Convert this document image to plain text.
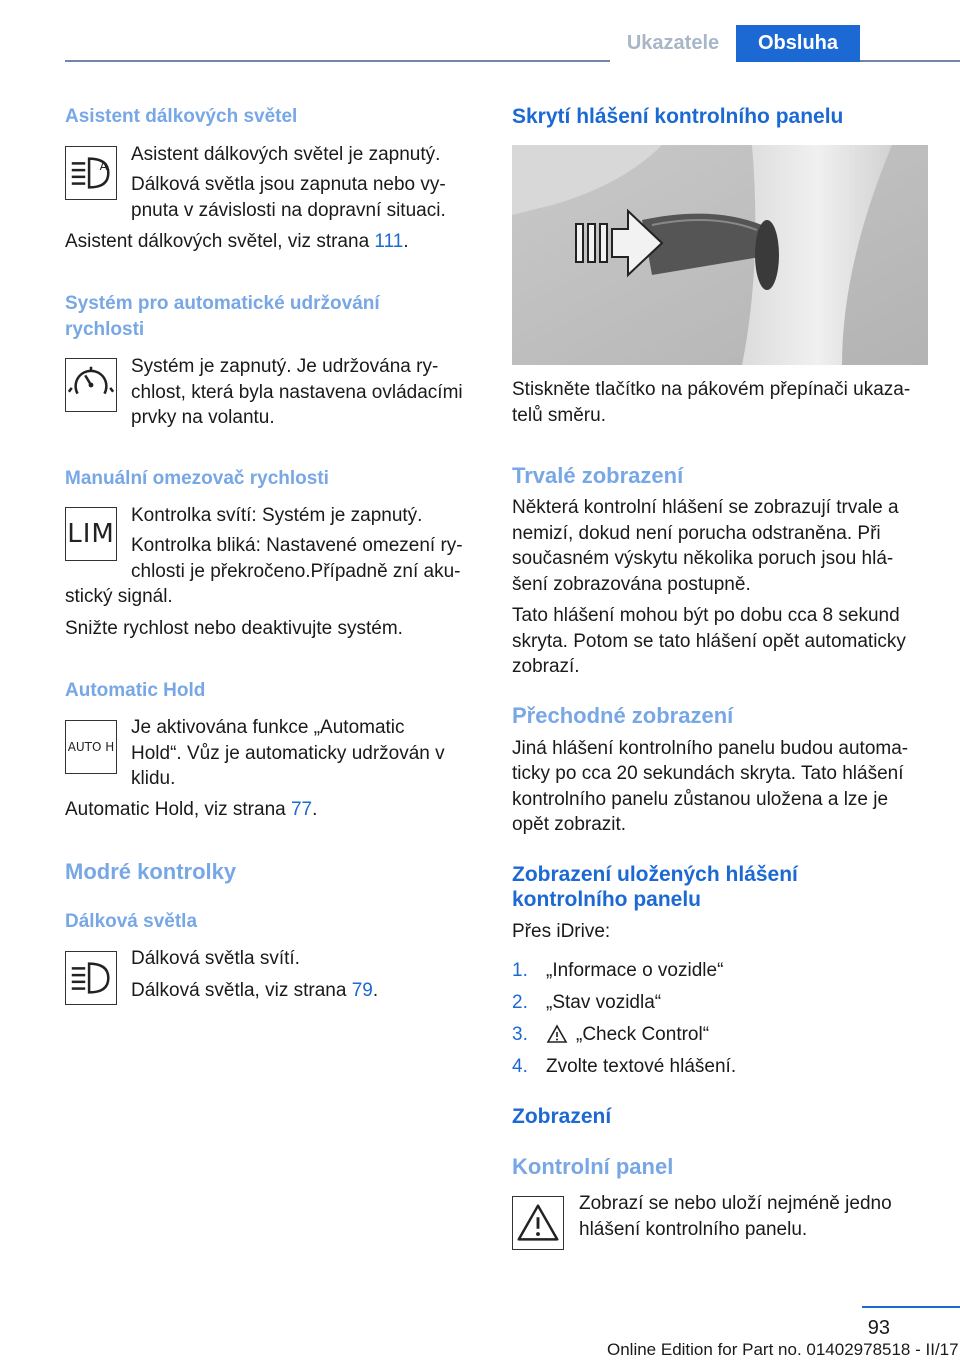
Ukazatele	Obsluha
Asistent dálkových světel
A
Asistent dálkových světel je zapnutý.
Dálková světla jsou zapnuta nebo vy‐
pnuta v závislosti na dopravní situaci.
Asistent dálkových světel, viz strana 111.
Systém pro automatické udržování
rychlosti
Systém je zapnutý. Je udržována ry‐
chlost, která byla nastavena ovládacími
prvky na volantu.
Manuální omezovač rychlosti
LIM
Kontrolka svítí: Systém je zapnutý.
Kontrolka bliká: Nastavené omezení ry‐
chlosti je překročeno.Případně zní aku‐
stický signál.
Snižte rychlost nebo deaktivujte systém.
Automatic Hold
AUTO H
Je aktivována funkce „Automatic
Hold“. Vůz je automaticky udržován v
klidu.
Automatic Hold, viz strana 77.
Modré kontrolky
Dálková světla
Dálková světla svítí.
Dálková světla, viz strana 79.
Skrytí hlášení kontrolního panelu
Stiskněte tlačítko na pákovém přepínači ukaza‐
telů směru.
Trvalé zobrazení
Některá kontrolní hlášení se zobrazují trvale a
nemizí, dokud není porucha odstraněna. Při
současném výskytu několika poruch jsou hlá‐
šení zobrazována postupně.
Tato hlášení mohou být po dobu cca 8 sekund
skryta. Potom se tato hlášení opět automaticky
zobrazí.
Přechodné zobrazení
Jiná hlášení kontrolního panelu budou automa‐
ticky po cca 20 sekundách skryta. Tato hlášení
kontrolního panelu zůstanou uložena a lze je
opět zobrazit.
Zobrazení uložených hlášení
kontrolního panelu
Přes iDrive:
1. „Informace o vozidle“
2. „Stav vozidla“
3.	„Check Control“
4. Zvolte textové hlášení.
Zobrazení
Kontrolní panel
Zobrazí se nebo uloží nejméně jedno
hlášení kontrolního panelu.
93
Online Edition for Part no. 01402978518 - II/17
